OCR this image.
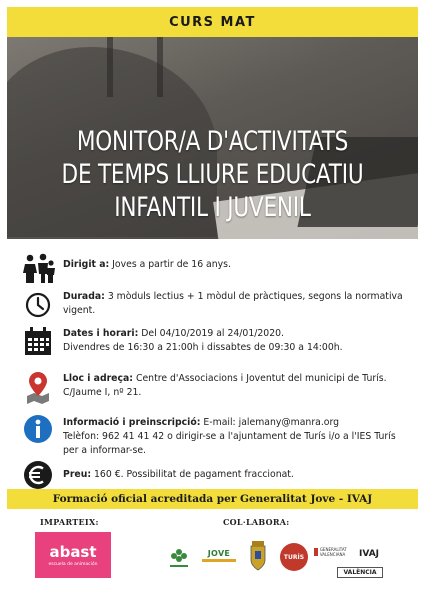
CURS MAT
MONITOR/A D'ACTIVITATS
DE TEMPS LLIURE EDUCATIU
INFANTIL I JUVENIL
Dirigit a: Joves a partir de 16 anys.
Durada: 3 mòduls lectius + 1 mòdul de pràctiques, segons la normativa vigent.
Dates i horari: Del 04/10/2019 al 24/01/2020.
Divendres de 16:30 a 21:00h i dissabtes de 09:30 a 14:00h.
Lloc i adreça: Centre d'Associacions i Joventut del municipi de Turís.
C/Jaume I, nº 21.
Informació i preinscripció: E-mail: jalemany@manra.org
Telèfon: 962 41 41 42 o dirigir-se a l'ajuntament de Turís i/o a l'IES Turís per a informar-se.
Preu: 160 €. Possibilitat de pagament fraccionat.
Formació oficial acreditada per Generalitat Jove - IVAJ
IMPARTEIX:	COL·LABORA:
abast
escuela de animación
JOVE	TURÍS
GENERALITAT VALENCIANA	IVAJ
VALÈNCIA
